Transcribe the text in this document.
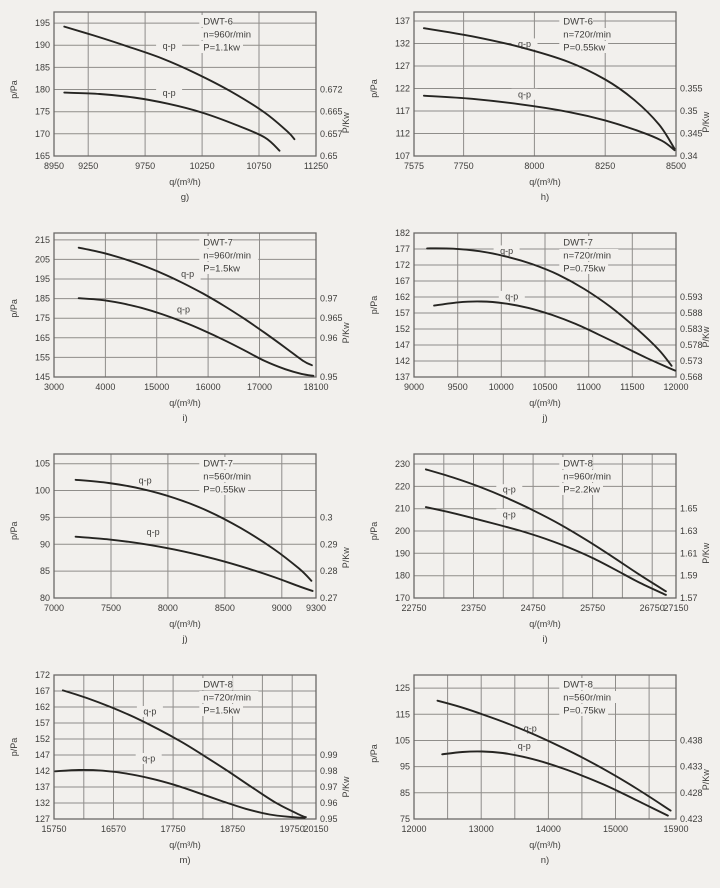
q-p
q-p
DWT-6
n=960r/min
P=1.1kw
165
170
175
180
185
190
195
0.672
0.665
0.657
0.65
8950 9250	9750	10250	10750	11250
p/Pa
P/Kw
q/(m³/h)
g)
q-p
q-p
DWT-6
n=720r/min
P=0.55kw
107
112
117
122
127
132
137
0.355
0.35
0.345
0.34
7575	7750	8000	8250	8500
p/Pa
P/Kw
q/(m³/h)
h)
q-p
q-p
DWT-7
n=960r/min
P=1.5kw
145
155
165
175
185
195
205
215
0.97
0.965
0.96
0.95
3000	4000	15000	16000	17000	18100
p/Pa
P/Kw
q/(m³/h)
i)
q-p
q-p
DWT-7
n=720r/min
P=0.75kw
137
142
147
152
157
162
167
172
177
182
0.593
0.588
0.583
0.578
0.573
0.568
9000	9500 10000 10500 11000 11500 12000
p/Pa
P/Kw
q/(m³/h)
j)
q-p
q-p
DWT-7
n=560r/min
P=0.55kw
80
85
90
95
100
105
0.3
0.29
0.28
0.27
7000	7500	8000	8500	9000 9300
p/Pa
P/Kw
q/(m³/h)
j)
q-p
q-p
DWT-8
n=960r/min
P=2.2kw
170
180
190
200
210
220
230
1.65
1.63
1.61
1.59
1.57
22750	23750	24750	25750	26750
27150
p/Pa
P/Kw
q/(m³/h)
i)
q-p
q-p
DWT-8
n=720r/min
P=1.5kw
127
132
137
142
147
152
157
162
167
172
0.99
0.98
0.97
0.96
0.95
15750	16570	17750	18750	19750
20150
p/Pa
P/Kw
q/(m³/h)
m)
q-p
q-p
DWT-8
n=560r/min
P=0.75kw
75
85
95
105
115
125
0.438
0.433
0.428
0.423
12000	13000	14000	15000	15900
p/Pa
P/Kw
q/(m³/h)
n)
